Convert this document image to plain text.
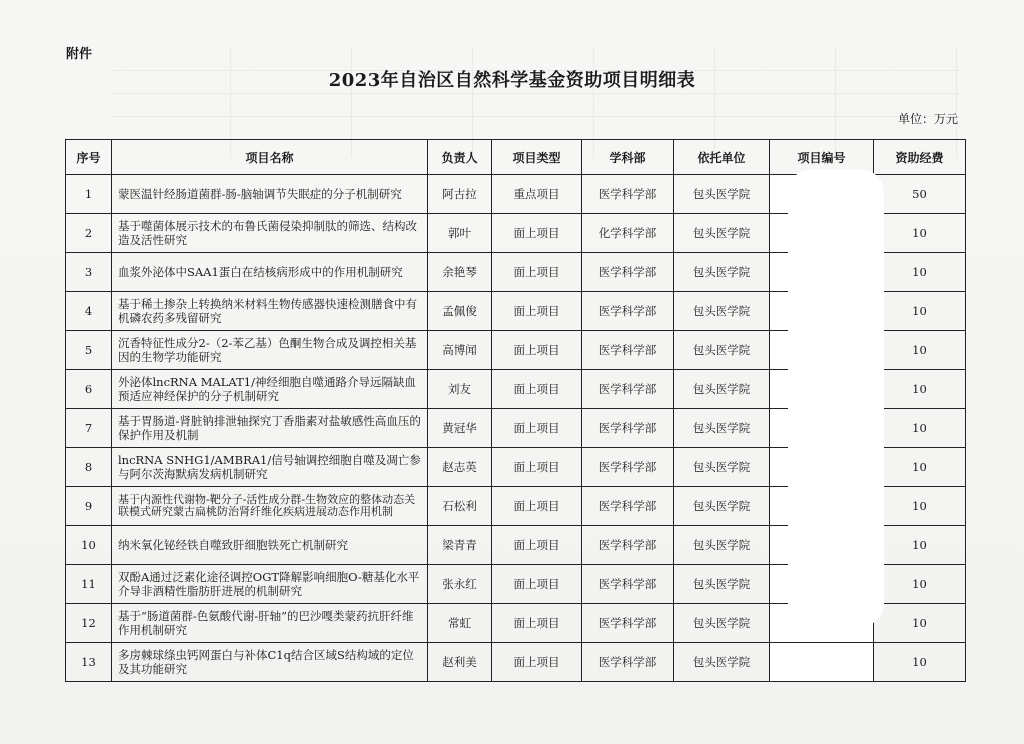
附件
2023年自治区自然科学基金资助项目明细表
单位：万元
序号	项目名称	负责人	项目类型	学科部	依托单位	项目编号	资助经费
1	蒙医温针经肠道菌群-肠-脑轴调节失眠症的分子机制研究	阿古拉	重点项目	医学科学部	包头医学院		50
2	基于噬菌体展示技术的布鲁氏菌侵染抑制肽的筛选、结构改造及活性研究	郭叶	面上项目	化学科学部	包头医学院		10
3	血浆外泌体中SAA1蛋白在结核病形成中的作用机制研究	余艳琴	面上项目	医学科学部	包头医学院		10
4	基于稀土掺杂上转换纳米材料生物传感器快速检测膳食中有机磷农药多残留研究	孟佩俊	面上项目	医学科学部	包头医学院		10
5	沉香特征性成分2-（2-苯乙基）色酮生物合成及调控相关基因的生物学功能研究	高博闻	面上项目	医学科学部	包头医学院		10
6	外泌体lncRNA MALAT1/神经细胞自噬通路介导远隔缺血预适应神经保护的分子机制研究	刘友	面上项目	医学科学部	包头医学院		10
7	基于胃肠道-肾脏钠排泄轴探究丁香脂素对盐敏感性高血压的保护作用及机制	黄冠华	面上项目	医学科学部	包头医学院		10
8	lncRNA SNHG1/AMBRA1/信号轴调控细胞自噬及凋亡参与阿尔茨海默病发病机制研究	赵志英	面上项目	医学科学部	包头医学院		10
9	基于内源性代谢物-靶分子-活性成分群-生物效应的整体动态关联模式研究蒙古扁桃防治肾纤维化疾病进展动态作用机制	石松利	面上项目	医学科学部	包头医学院		10
10	纳米氧化铋经铁自噬致肝细胞铁死亡机制研究	梁青青	面上项目	医学科学部	包头医学院		10
11	双酚A通过泛素化途径调控OGT降解影响细胞O-糖基化水平介导非酒精性脂肪肝进展的机制研究	张永红	面上项目	医学科学部	包头医学院		10
12	基于“肠道菌群-色氨酸代谢-肝轴”的巴沙嘎类蒙药抗肝纤维作用机制研究	常虹	面上项目	医学科学部	包头医学院		10
13	多房棘球绦虫钙网蛋白与补体C1q结合区域S结构域的定位及其功能研究	赵利美	面上项目	医学科学部	包头医学院		10
